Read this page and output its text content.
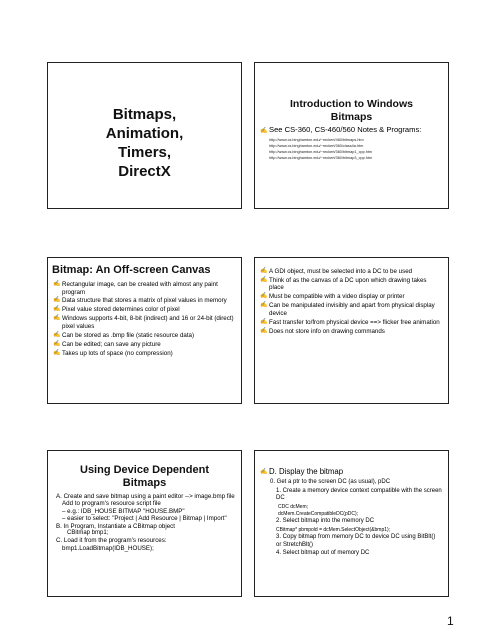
Bitmaps,
Animation,
Timers,
DirectX
Introduction to Windows
Bitmaps
✍ See CS-360, CS-460/560 Notes & Programs:
http://www.cs.binghamton.edu/~reckert/460/bitmaps.htm
http://www.cs.binghamton.edu/~reckert/360/class4a.htm
http://www.cs.binghamton.edu/~reckert/360/bitmap1_cpp.htm
http://www.cs.binghamton.edu/~reckert/360/bitmap3_cpp.htm
Bitmap: An Off-screen Canvas
✍ Rectangular image, can be created with almost any paint program
✍ Data structure that stores a matrix of pixel values in memory
✍ Pixel value stored determines color of pixel
✍ Windows supports 4-bit, 8-bit (indirect) and 16 or 24-bit (direct) pixel values
✍ Can be stored as .bmp file (static resource data)
✍ Can be edited; can save any picture
✍ Takes up lots of space (no compression)
✍ A GDI object, must be selected into a DC to be used
✍ Think of as the canvas of a DC upon which drawing takes place
✍ Must be compatible with a video display or printer
✍ Can be manipulated invisibly and apart from physical display device
✍ Fast transfer to/from physical device ==> flicker free animation
✍ Does not store info on drawing commands
Using Device Dependent
Bitmaps
A. Create and save bitmap using a paint editor --> image.bmp file
Add to program's resource script file
– e.g.: IDB_HOUSE BITMAP "HOUSE.BMP"
– easier to select: "Project | Add Resource | Bitmap | Import"
B. In Program, Instantiate a CBitmap object
CBitmap bmp1;
C. Load it from the program's resources:
bmp1.LoadBitmap(IDB_HOUSE);
✍ D. Display the bitmap
0. Get a ptr to the screen DC (as usual), pDC
1. Create a memory device context compatible with the screen DC
CDC dcMem;
dcMem.CreateCompatibleDC(pDC);
2. Select bitmap into the memory DC
CBitmap* pbmpold = dcMem.SelectObject(&bmp1);
3. Copy bitmap from memory DC to device DC using BitBlt() or StretchBlt()
4. Select bitmap out of memory DC
1
